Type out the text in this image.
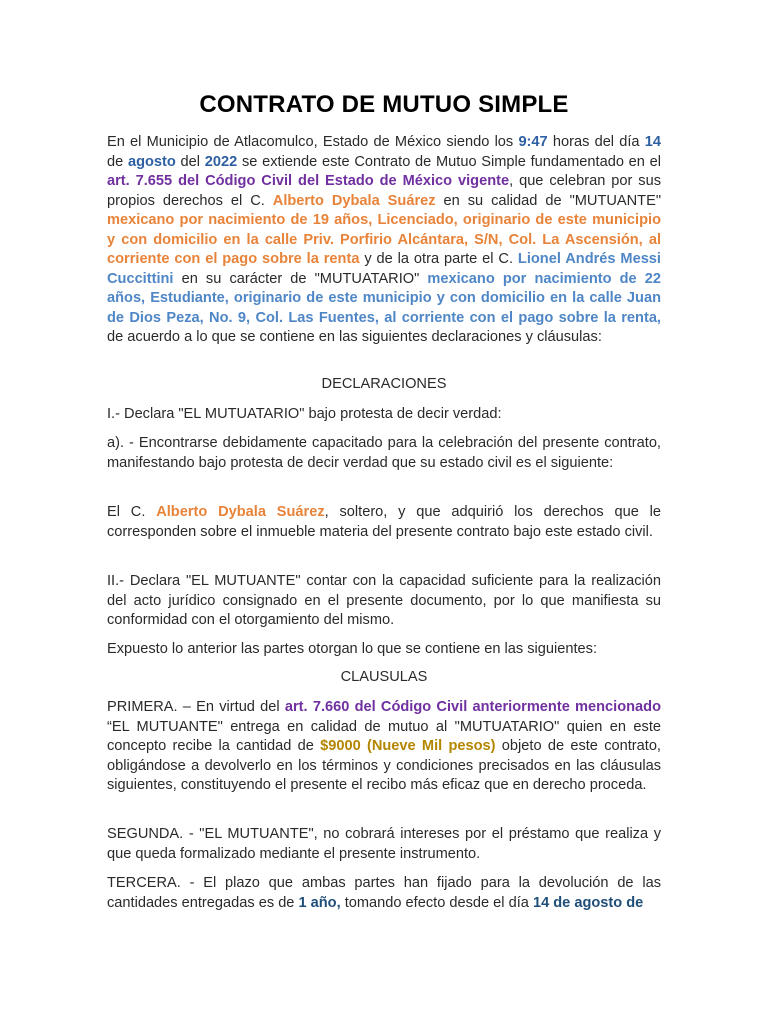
CONTRATO DE MUTUO SIMPLE

En el Municipio de Atlacomulco, Estado de México siendo los 9:47 horas del día 14 de agosto del 2022 se extiende este Contrato de Mutuo Simple fundamentado en el art. 7.655 del Código Civil del Estado de México vigente, que celebran por sus propios derechos el C. Alberto Dybala Suárez en su calidad de "MUTUANTE" mexicano por nacimiento de 19 años, Licenciado, originario de este municipio y con domicilio en la calle Priv. Porfirio Alcántara, S/N, Col. La Ascensión, al corriente con el pago sobre la renta y de la otra parte el C. Lionel Andrés Messi Cuccittini en su carácter de "MUTUATARIO" mexicano por nacimiento de 22 años, Estudiante, originario de este municipio y con domicilio en la calle Juan de Dios Peza, No. 9, Col. Las Fuentes, al corriente con el pago sobre la renta, de acuerdo a lo que se contiene en las siguientes declaraciones y cláusulas:

DECLARACIONES

I.- Declara "EL MUTUATARIO" bajo protesta de decir verdad:

a). - Encontrarse debidamente capacitado para la celebración del presente contrato, manifestando bajo protesta de decir verdad que su estado civil es el siguiente:

El C. Alberto Dybala Suárez, soltero, y que adquirió los derechos que le corresponden sobre el inmueble materia del presente contrato bajo este estado civil.

II.- Declara "EL MUTUANTE" contar con la capacidad suficiente para la realización del acto jurídico consignado en el presente documento, por lo que manifiesta su conformidad con el otorgamiento del mismo.

Expuesto lo anterior las partes otorgan lo que se contiene en las siguientes:

CLAUSULAS

PRIMERA. – En virtud del art. 7.660 del Código Civil anteriormente mencionado “EL MUTUANTE" entrega en calidad de mutuo al "MUTUATARIO" quien en este concepto recibe la cantidad de $9000 (Nueve Mil pesos) objeto de este contrato, obligándose a devolverlo en los términos y condiciones precisados en las cláusulas siguientes, constituyendo el presente el recibo más eficaz que en derecho proceda.

SEGUNDA. - "EL MUTUANTE", no cobrará intereses por el préstamo que realiza y que queda formalizado mediante el presente instrumento.

TERCERA. - El plazo que ambas partes han fijado para la devolución de las cantidades entregadas es de 1 año, tomando efecto desde el día 14 de agosto de
